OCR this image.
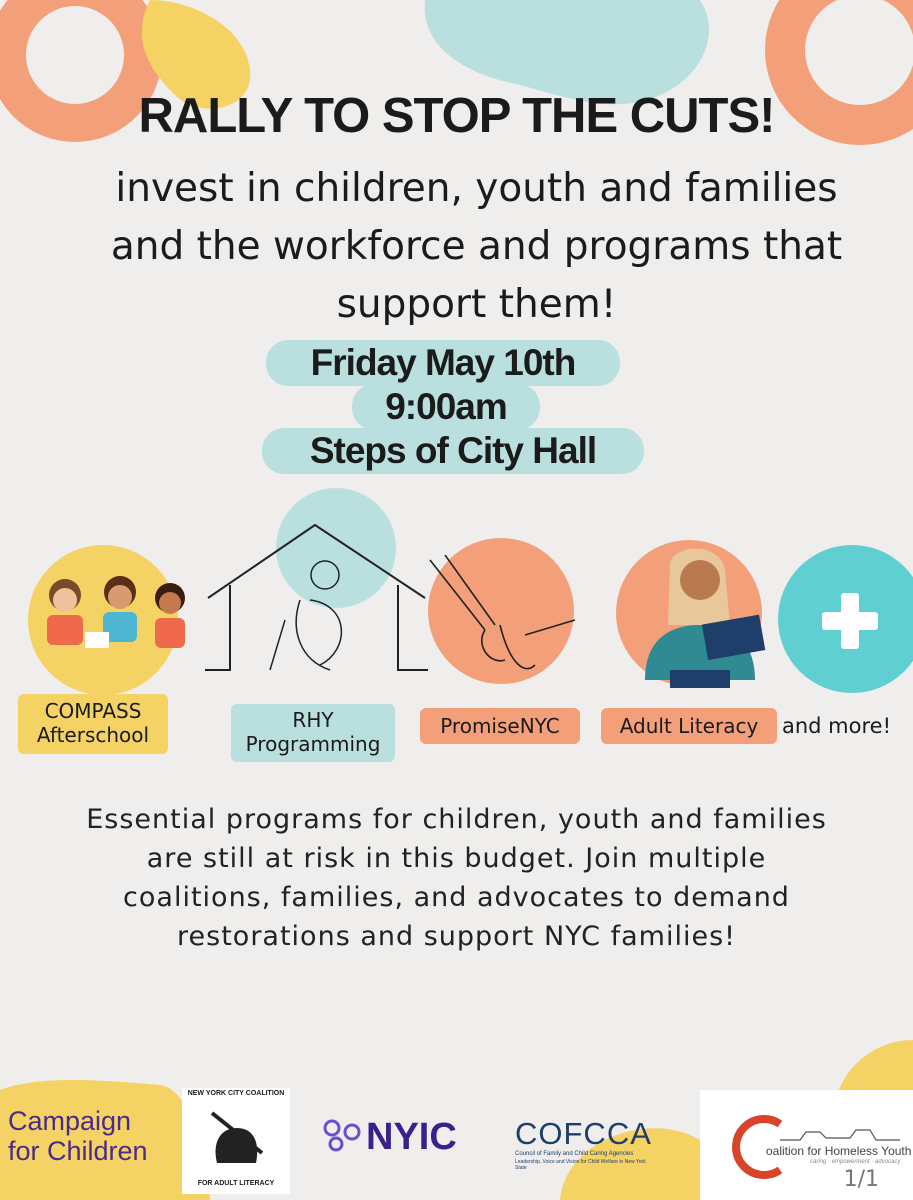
RALLY TO STOP THE CUTS!
invest in children, youth and families and the workforce and programs that support them!
Friday May 10th
9:00am
Steps of City Hall
COMPASS
Afterschool
RHY
Programming
PromiseNYC	Adult Literacy	and more!
Essential programs for children, youth and families are still at risk in this budget. Join multiple coalitions, families, and advocates to demand restorations and support NYC families!
Campaign
for Children
NEW YORK CITY COALITION
FOR ADULT LITERACY
NYIC COFCCA
Council of Family and Child Caring Agencies
Leadership, Voice and Vision for Child Welfare in New York State
oalition for Homeless Youth
caring · empowerment · advocacy
1/1
